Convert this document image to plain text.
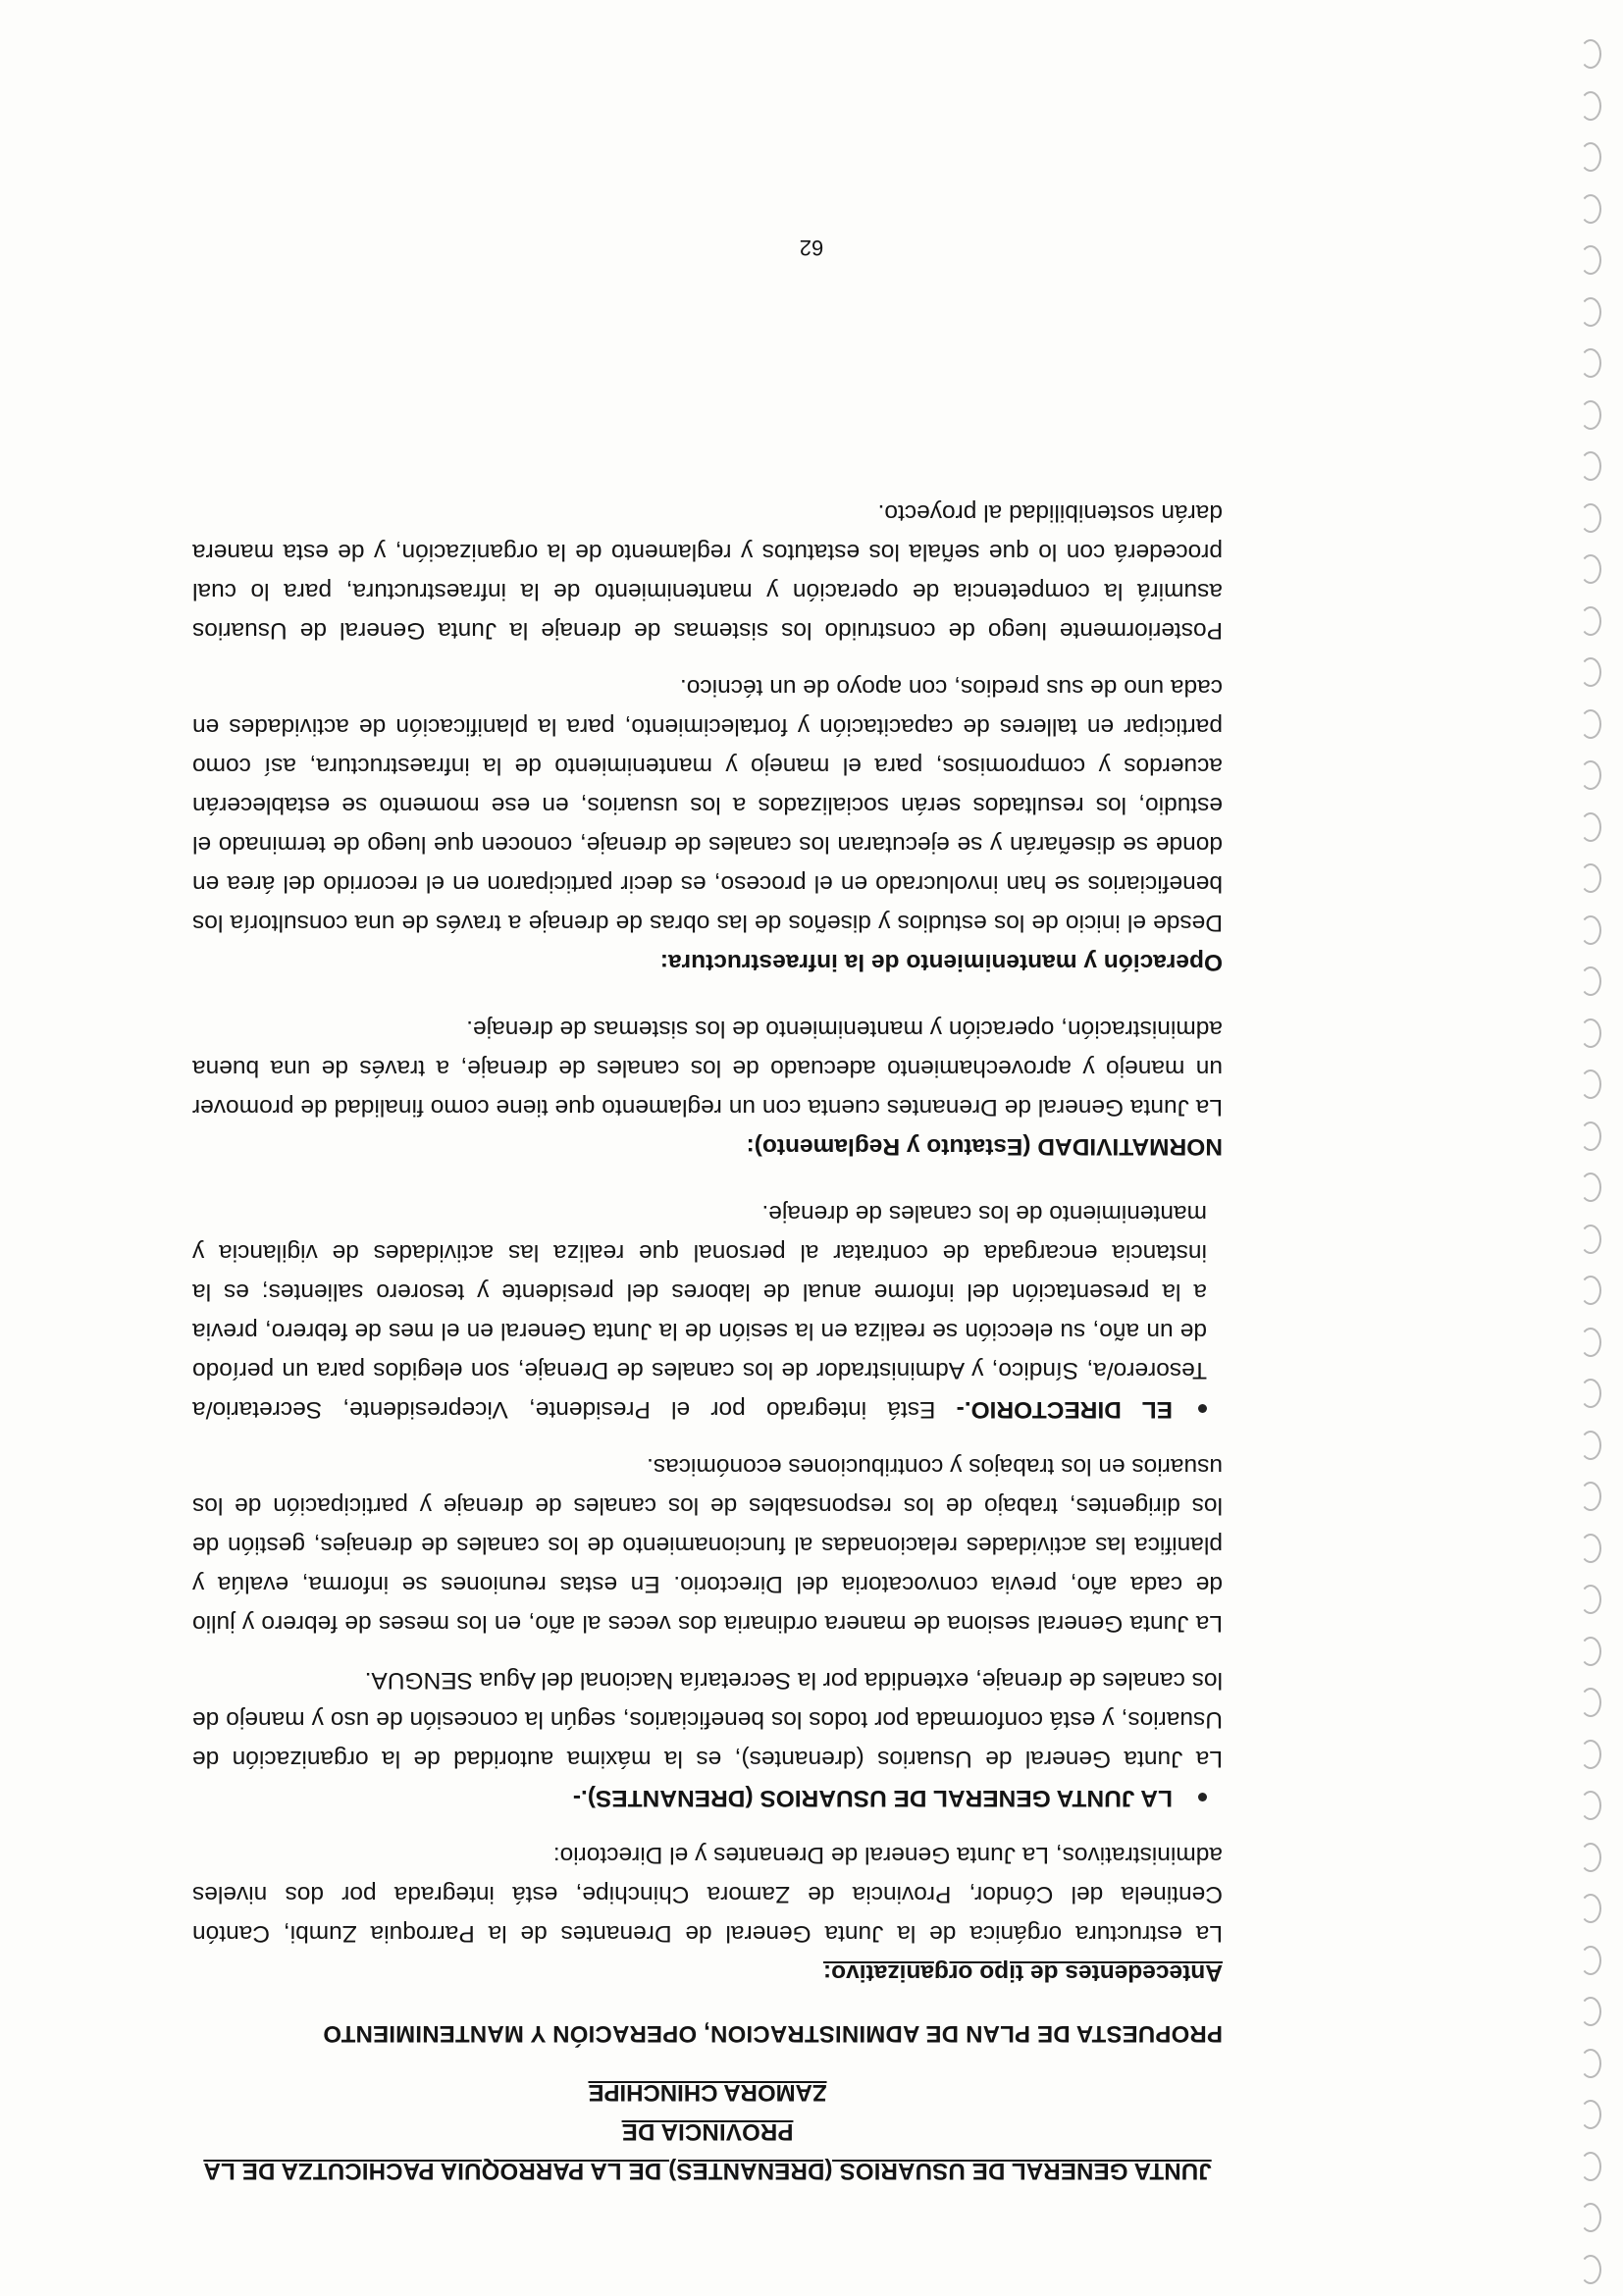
JUNTA GENERAL DE USUARIOS (DRENANTES) DE LA PARROQUIA PACHICUTZA DE LA PROVINCIA DE

ZAMORA CHINCHIPE

PROPUESTA DE PLAN DE ADMINISTRACION, OPERACIÓN Y MANTENIMIENTO

Antecedentes de tipo organizativo:

La estructura orgánica de la Junta General de Drenantes de la Parroquia Zumbi, Cantón Centinela del Cóndor, Provincia de Zamora Chinchipe, está integrada por dos niveles administrativos, La Junta General de Drenantes y el Directorio:

LA JUNTA GENERAL DE USUARIOS (DRENANTES).-

La Junta General de Usuarios (drenantes), es la máxima autoridad de la organización de Usuarios, y está conformada por todos los beneficiarios, según la concesión de uso y manejo de los canales de drenaje, extendida por la Secretaría Nacional del Agua SENGUA.

La Junta General sesiona de manera ordinaria dos veces al año, en los meses de febrero y julio de cada año, previa convocatoria del Directorio. En estas reuniones se informa, evalúa y planifica las actividades relacionadas al funcionamiento de los canales de drenajes, gestión de los dirigentes, trabajo de los responsables de los canales de drenaje y participación de los usuarios en los trabajos y contribuciones económicas.

EL DIRECTORIO.- Está integrado por el Presidente, Vicepresidente, Secretario/a Tesorero/a, Síndico, y Administrador de los canales de Drenaje, son elegidos para un período de un año, su elección se realiza en la sesión de la Junta General en el mes de febrero, previa a la presentación del informe anual de labores del presidente y tesorero salientes; es la instancia encargada de contratar al personal que realiza las actividades de vigilancia y mantenimiento de los canales de drenaje.

NORMATIVIDAD (Estatuto y Reglamento):

La Junta General de Drenantes cuenta con un reglamento que tiene como finalidad de promover un manejo y aprovechamiento adecuado de los canales de drenaje, a través de una buena administración, operación y mantenimiento de los sistemas de drenaje.

Operación y mantenimiento de la infraestructura:

Desde el inicio de los estudios y diseños de las obras de drenaje a través de una consultoría los beneficiarios se han involucrado en el proceso, es decir participaron en el recorrido del área en donde se diseñarán y se ejecutaran los canales de drenaje, conocen que luego de terminado el estudio, los resultados serán socializados a los usuarios, en ese momento se establecerán acuerdos y compromisos, para el manejo y mantenimiento de la infraestructura, así como participar en talleres de capacitación y fortalecimiento, para la planificación de actividades en cada uno de sus predios, con apoyo de un técnico.

Posteriormente luego de construido los sistemas de drenaje la Junta General de Usuarios asumirá la competencia de operación y mantenimiento de la infraestructura, para lo cual procederá con lo que señala los estatutos y reglamento de la organización, y de esta manera darán sostenibilidad al proyecto.

62
